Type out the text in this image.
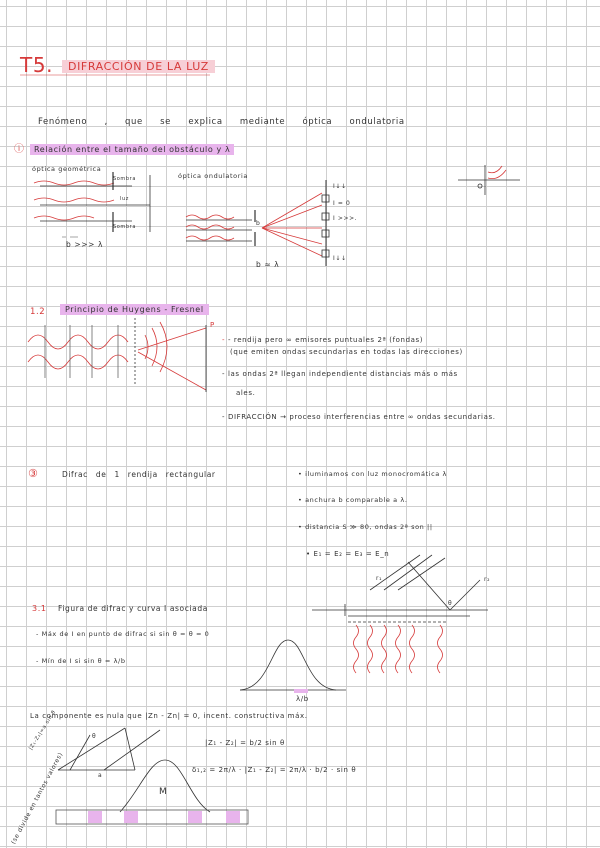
T5.	DIFRACCIÓN DE LA LUZ
Fenómeno , que se explica mediante óptica ondulatoria
ⓘ	Relación entre el tamaño del obstáculo y λ
óptica geométrica
Sombra
luz
Sombra
b >>> λ
óptica ondulatoria
b ≈ λ
b
I↓↓
I = 0
I >>>.
I↓↓
1.2	Principio de Huygens - Fresnel
P
- - rendija pero ∞ emisores puntuales 2ª (fondas)
(que emiten ondas secundarias en todas las direcciones)
- las ondas 2ª llegan independiente distancias más o más
ales.
- DIFRACCIÓN → proceso interferencias entre ∞ ondas secundarias.
③	Difrac de 1 rendija rectangular	• iluminamos con luz monocromática λ
• anchura b comparable a λ.
• distancia S ≫ 80, ondas 2ª son ||
• E₁ = E₂ = E₃ = E_n
3.1 Figura de difrac y curva I asociada
- Máx de I en punto de difrac si sin θ = θ = 0
- Mín de I si sin θ = λ/b
λ/b
r₁	r₂
θ
La componente es nula que |Zn - Zn| = 0, incent. constructiva máx.
|Z₁ - Z₂| = b/2 sin θ
δ₁,₂ = 2π/λ · |Z₁ - Z₂| = 2π/λ · b/2 · sin θ
|Z₁-Z₂|=a sin θ
a
θ
M
(se divide en tantos valores)
